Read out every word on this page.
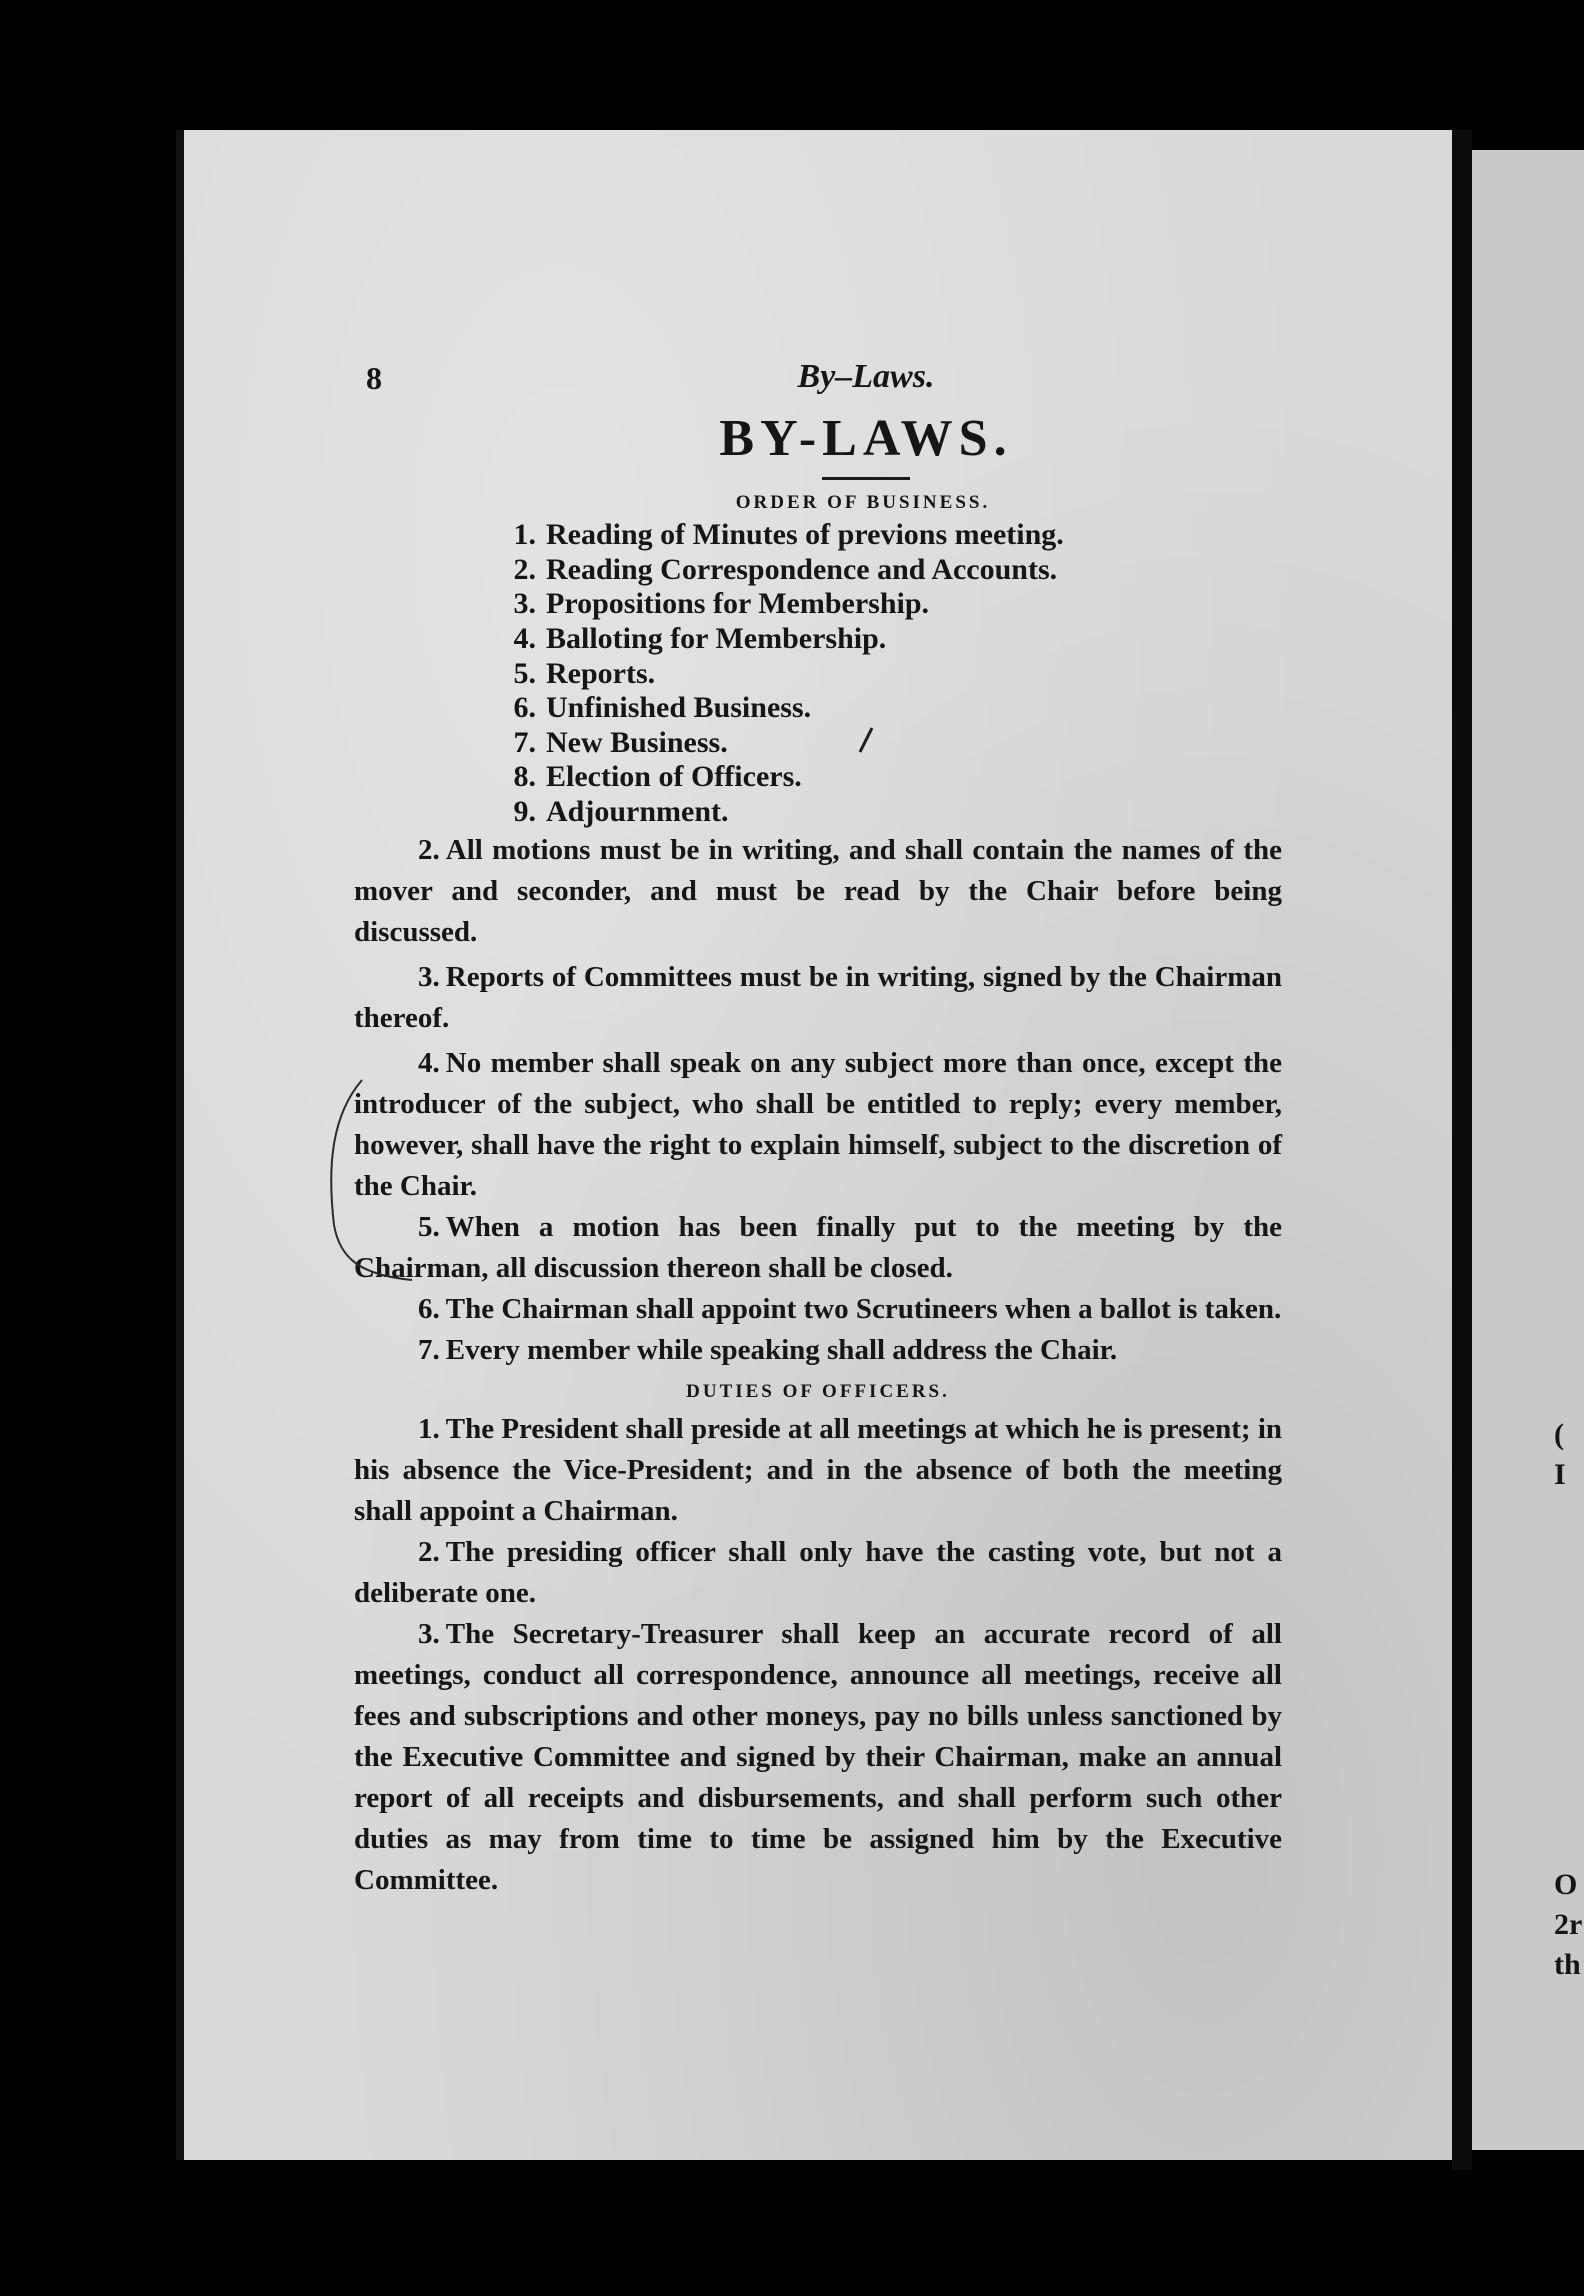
(
I
O
2r
th
8	By–Laws.
BY-LAWS.
ORDER OF BUSINESS.
1. Reading of Minutes of previons meeting.
2. Reading Correspondence and Accounts.
3. Propositions for Membership.
4. Balloting for Membership.
5. Reports.
6. Unfinished Business.
7. New Business.
8. Election of Officers.
9. Adjournment.

2. All motions must be in writing, and shall contain the names of the mover and seconder, and must be read by the Chair before being discussed.

3. Reports of Committees must be in writing, signed by the Chairman thereof.

4. No member shall speak on any subject more than once, except the introducer of the subject, who shall be entitled to reply; every member, however, shall have the right to explain himself, subject to the discretion of the Chair.

5. When a motion has been finally put to the meeting by the Chairman, all discussion thereon shall be closed.

6. The Chairman shall appoint two Scrutineers when a ballot is taken.

7. Every member while speaking shall address the Chair.

DUTIES OF OFFICERS.

1. The President shall preside at all meetings at which he is present; in his absence the Vice-President; and in the absence of both the meeting shall appoint a Chairman.

2. The presiding officer shall only have the casting vote, but not a deliberate one.

3. The Secretary-Treasurer shall keep an accurate record of all meetings, conduct all correspondence, announce all meetings, receive all fees and subscriptions and other moneys, pay no bills unless sanctioned by the Executive Committee and signed by their Chairman, make an annual report of all receipts and disbursements, and shall perform such other duties as may from time to time be assigned him by the Executive Committee.
